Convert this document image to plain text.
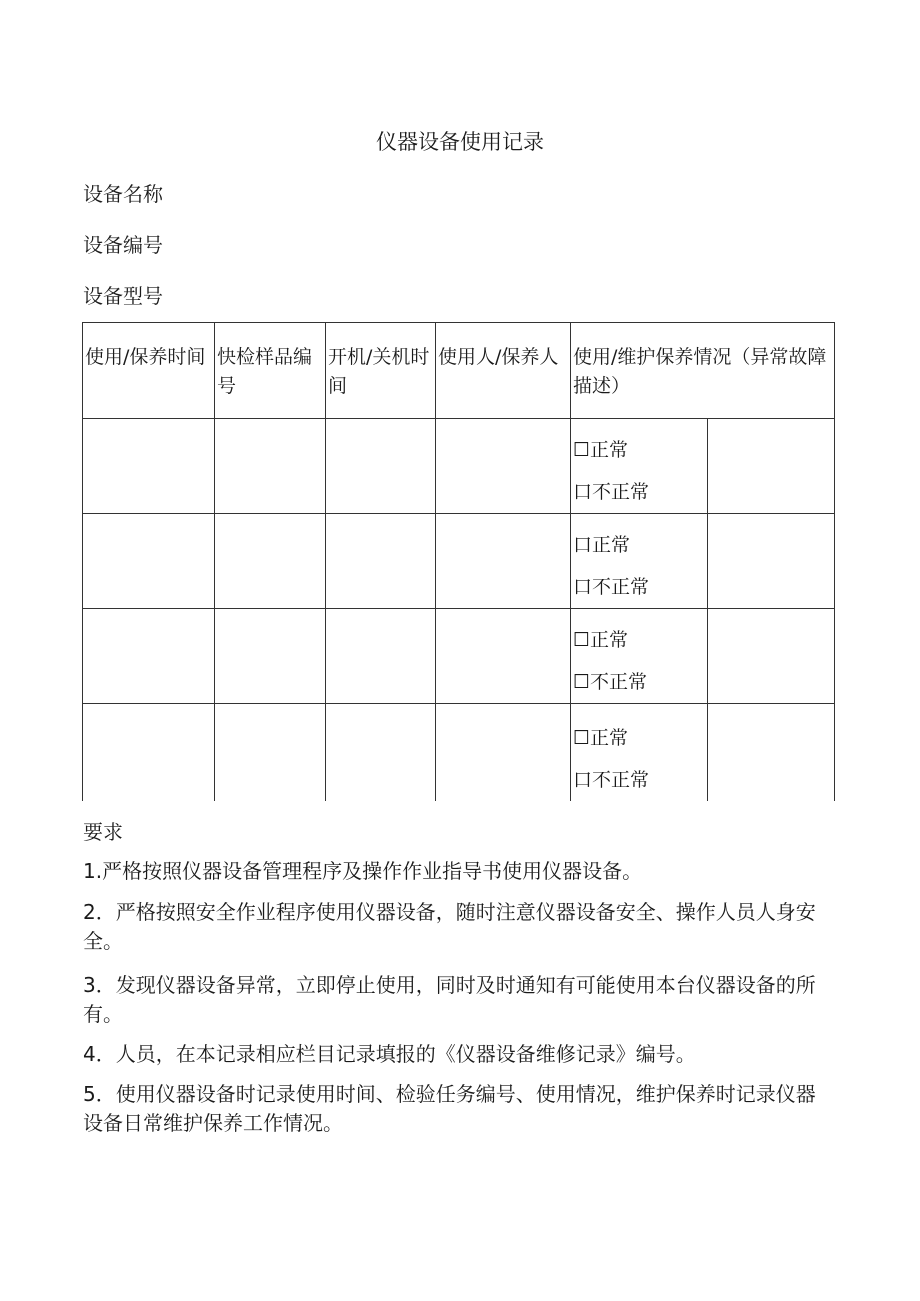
仪器设备使用记录
设备名称
设备编号
设备型号
使用/保养时间	快检样品编号	开机/关机时间	使用人/保养人	使用/维护保养情况（异常故障描述）	

				☐正常
口不正常	

				口正常
口不正常	

				☐正常
☐不正常	

				☐正常
口不正常	

要求
1.严格按照仪器设备管理程序及操作作业指导书使用仪器设备。
2．严格按照安全作业程序使用仪器设备，随时注意仪器设备安全、操作人员人身安全。
3．发现仪器设备异常，立即停止使用，同时及时通知有可能使用本台仪器设备的所有。
4．人员，在本记录相应栏目记录填报的《仪器设备维修记录》编号。
5．使用仪器设备时记录使用时间、检验任务编号、使用情况，维护保养时记录仪器设备日常维护保养工作情况。
